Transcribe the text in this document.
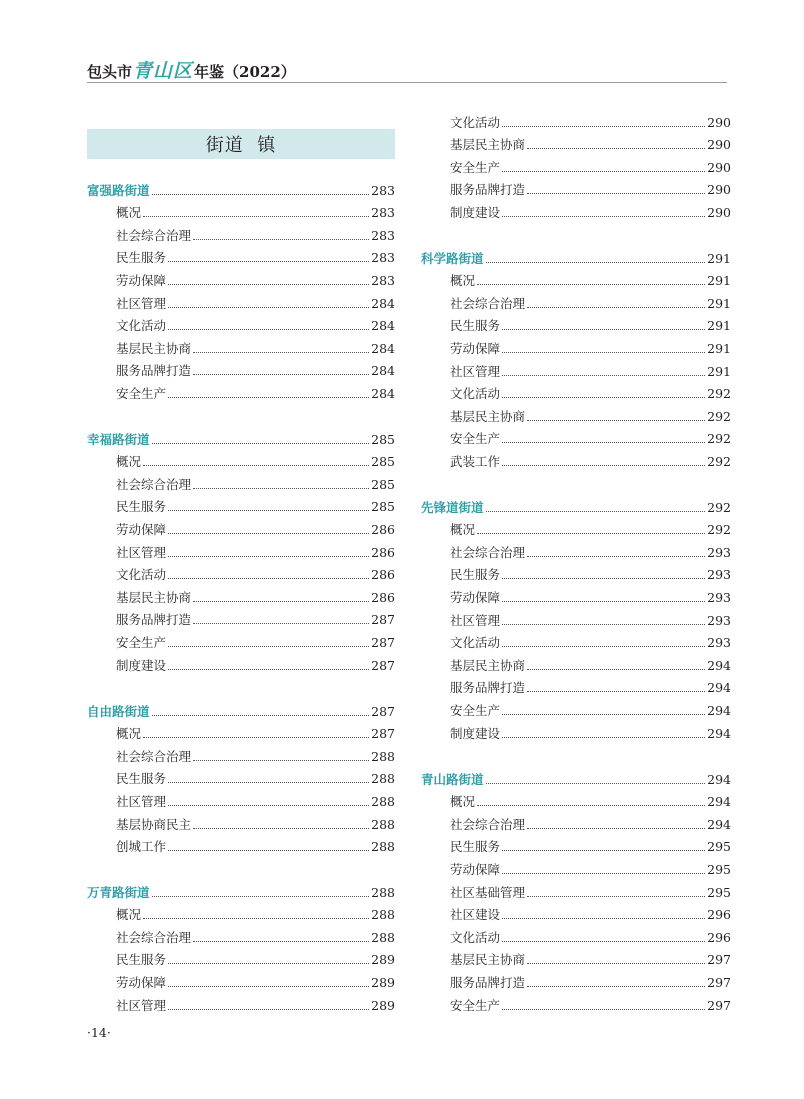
包头市 青山区 年鉴 （2022）
街道  镇
富强路街道	283
概况	283
社会综合治理	283
民生服务	283
劳动保障	283
社区管理	284
文化活动	284
基层民主协商	284
服务品牌打造	284
安全生产	284
幸福路街道	285
概况	285
社会综合治理	285
民生服务	285
劳动保障	286
社区管理	286
文化活动	286
基层民主协商	286
服务品牌打造	287
安全生产	287
制度建设	287
自由路街道	287
概况	287
社会综合治理	288
民生服务	288
社区管理	288
基层协商民主	288
创城工作	288
万青路街道	288
概况	288
社会综合治理	288
民生服务	289
劳动保障	289
社区管理	289
文化活动	290
基层民主协商	290
安全生产	290
服务品牌打造	290
制度建设	290
科学路街道	291
概况	291
社会综合治理	291
民生服务	291
劳动保障	291
社区管理	291
文化活动	292
基层民主协商	292
安全生产	292
武装工作	292
先锋道街道	292
概况	292
社会综合治理	293
民生服务	293
劳动保障	293
社区管理	293
文化活动	293
基层民主协商	294
服务品牌打造	294
安全生产	294
制度建设	294
青山路街道	294
概况	294
社会综合治理	294
民生服务	295
劳动保障	295
社区基础管理	295
社区建设	296
文化活动	296
基层民主协商	297
服务品牌打造	297
安全生产	297
·14·
